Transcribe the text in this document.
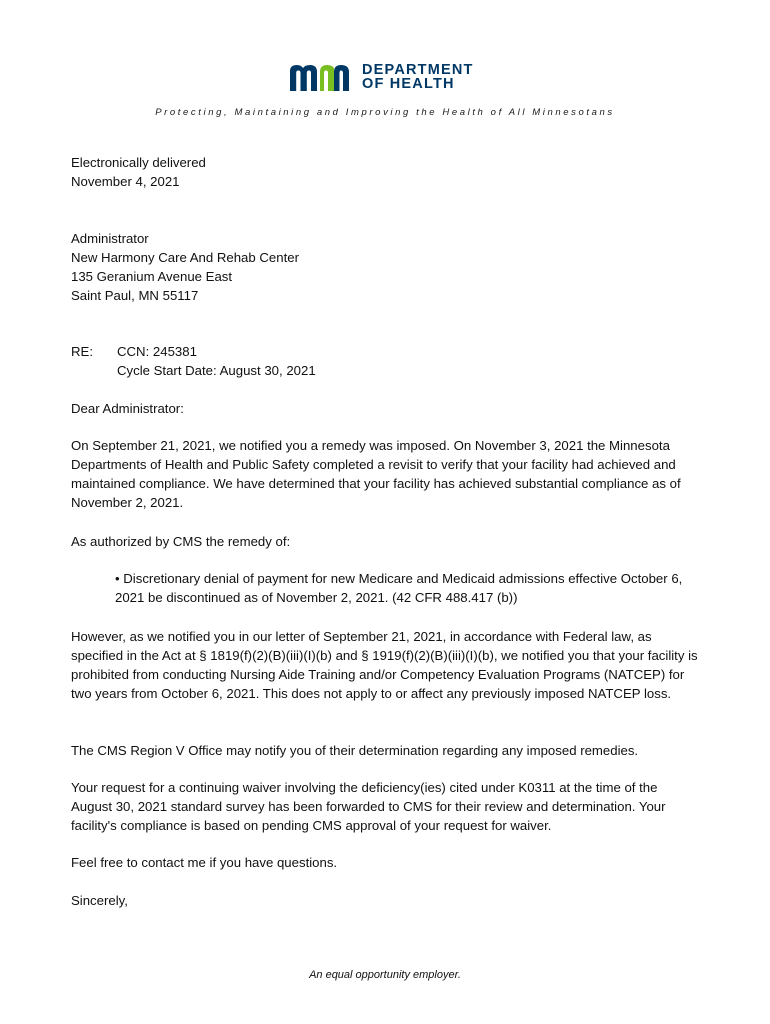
DEPARTMENT
OF HEALTH
Protecting, Maintaining and Improving the Health of All Minnesotans
Electronically delivered
November 4, 2021
Administrator
New Harmony Care And Rehab Center
135 Geranium Avenue East
Saint Paul, MN 55117
RE: CCN: 245381
Cycle Start Date: August 30, 2021

Dear Administrator:

On September 21, 2021, we notified you a remedy was imposed. On November 3, 2021 the Minnesota Departments of Health and Public Safety completed a revisit to verify that your facility had achieved and maintained compliance. We have determined that your facility has achieved substantial compliance as of November 2, 2021.

As authorized by CMS the remedy of:

• Discretionary denial of payment for new Medicare and Medicaid admissions effective October 6, 2021 be discontinued as of November 2, 2021. (42 CFR 488.417 (b))

However, as we notified you in our letter of September 21, 2021, in accordance with Federal law, as specified in the Act at § 1819(f)(2)(B)(iii)(I)(b) and § 1919(f)(2)(B)(iii)(I)(b), we notified you that your facility is prohibited from conducting Nursing Aide Training and/or Competency Evaluation Programs (NATCEP) for two years from October 6, 2021. This does not apply to or affect any previously imposed NATCEP loss.

The CMS Region V Office may notify you of their determination regarding any imposed remedies.

Your request for a continuing waiver involving the deficiency(ies) cited under K0311 at the time of the August 30, 2021 standard survey has been forwarded to CMS for their review and determination. Your facility's compliance is based on pending CMS approval of your request for waiver.

Feel free to contact me if you have questions.

Sincerely,

An equal opportunity employer.
